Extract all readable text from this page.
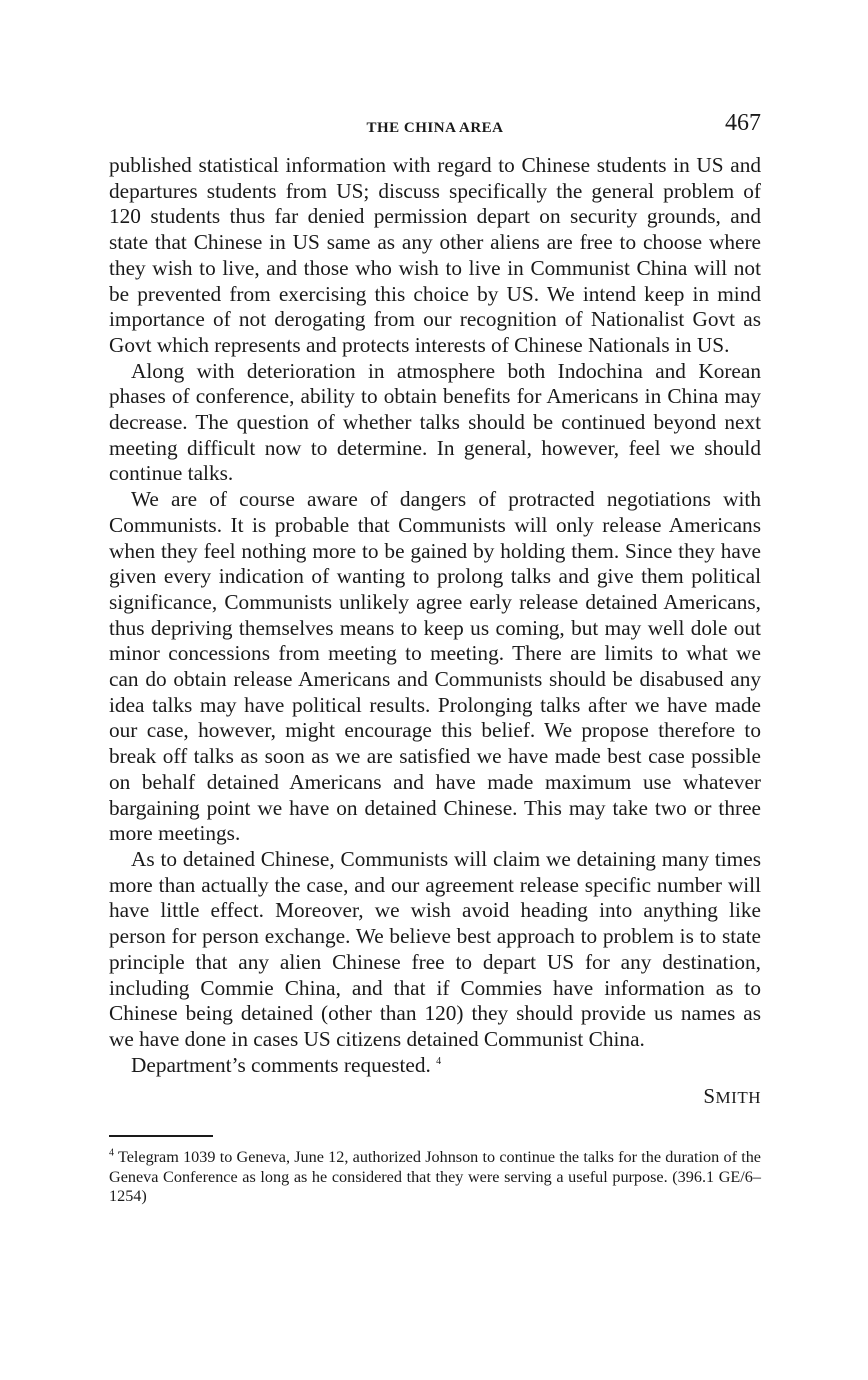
THE CHINA AREA	467

published statistical information with regard to Chinese students in US and departures students from US; discuss specifically the general problem of 120 students thus far denied permission depart on security grounds, and state that Chinese in US same as any other aliens are free to choose where they wish to live, and those who wish to live in Communist China will not be prevented from exercising this choice by US. We intend keep in mind importance of not derogating from our recognition of Nationalist Govt as Govt which represents and protects interests of Chinese Nationals in US.

Along with deterioration in atmosphere both Indochina and Korean phases of conference, ability to obtain benefits for Americans in China may decrease. The question of whether talks should be continued beyond next meeting difficult now to determine. In general, however, feel we should continue talks.

We are of course aware of dangers of protracted negotiations with Communists. It is probable that Communists will only release Americans when they feel nothing more to be gained by holding them. Since they have given every indication of wanting to prolong talks and give them political significance, Communists unlikely agree early release detained Americans, thus depriving themselves means to keep us coming, but may well dole out minor concessions from meeting to meeting. There are limits to what we can do obtain release Americans and Communists should be disabused any idea talks may have political results. Prolonging talks after we have made our case, however, might encourage this belief. We propose therefore to break off talks as soon as we are satisfied we have made best case possible on behalf detained Americans and have made maximum use whatever bargaining point we have on detained Chinese. This may take two or three more meetings.

As to detained Chinese, Communists will claim we detaining many times more than actually the case, and our agreement release specific number will have little effect. Moreover, we wish avoid heading into anything like person for person exchange. We believe best approach to problem is to state principle that any alien Chinese free to depart US for any destination, including Commie China, and that if Commies have information as to Chinese being detained (other than 120) they should provide us names as we have done in cases US citizens detained Communist China.

Department’s comments requested. $^4$

SMITH
$^4$ Telegram 1039 to Geneva, June 12, authorized Johnson to continue the talks for the duration of the Geneva Conference as long as he considered that they were serving a useful purpose. (396.1 GE/6–1254)
